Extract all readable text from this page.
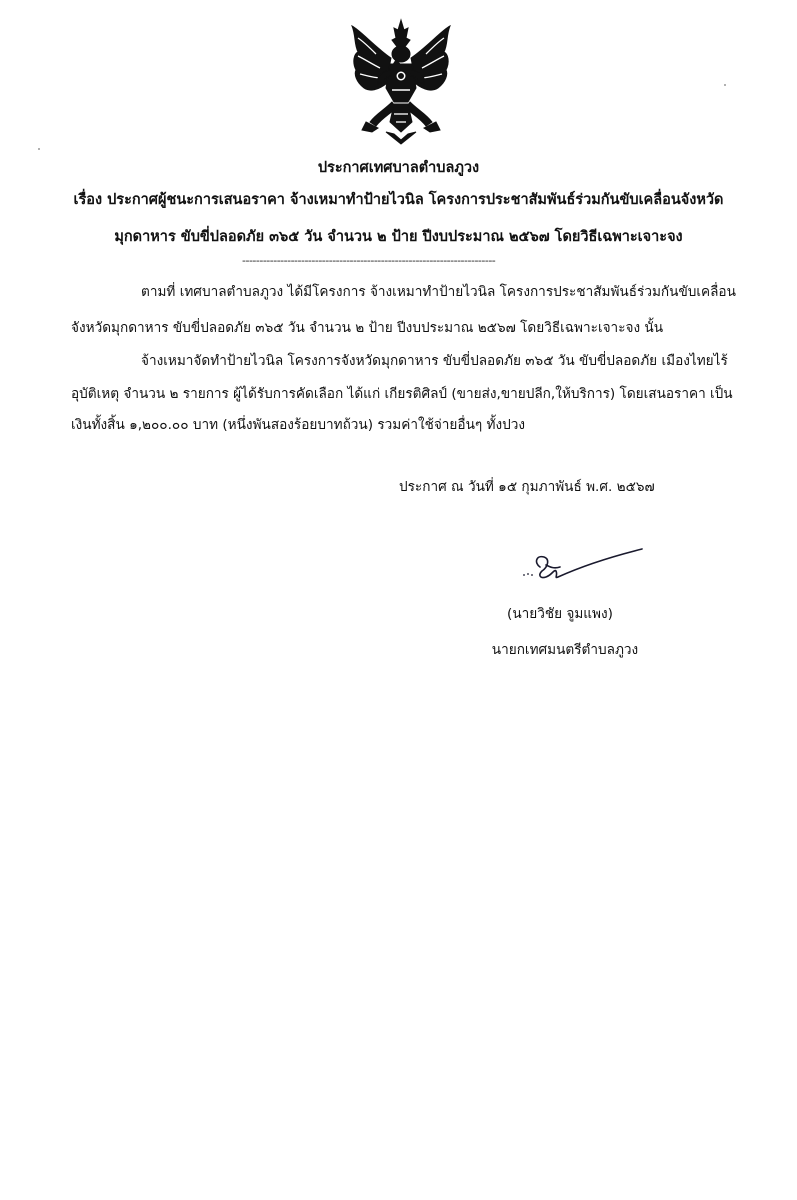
ประกาศเทศบาลตำบลภูวง
เรื่อง ประกาศผู้ชนะการเสนอราคา จ้างเหมาทำป้ายไวนิล โครงการประชาสัมพันธ์ร่วมกันขับเคลื่อนจังหวัด
มุกดาหาร ขับขี่ปลอดภัย ๓๖๕ วัน จำนวน ๒ ป้าย ปีงบประมาณ ๒๕๖๗ โดยวิธีเฉพาะเจาะจง
-------------------------------------------------------------------------
ตามที่ เทศบาลตำบลภูวง ได้มีโครงการ จ้างเหมาทำป้ายไวนิล โครงการประชาสัมพันธ์ร่วมกันขับเคลื่อน
จังหวัดมุกดาหาร ขับขี่ปลอดภัย ๓๖๕ วัน จำนวน ๒ ป้าย ปีงบประมาณ ๒๕๖๗ โดยวิธีเฉพาะเจาะจง นั้น
จ้างเหมาจัดทำป้ายไวนิล โครงการจังหวัดมุกดาหาร ขับขี่ปลอดภัย ๓๖๕ วัน ขับขี่ปลอดภัย เมืองไทยไร้
อุบัติเหตุ จำนวน ๒ รายการ ผู้ได้รับการคัดเลือก ได้แก่ เกียรติศิลป์ (ขายส่ง,ขายปลีก,ให้บริการ) โดยเสนอราคา เป็น
เงินทั้งสิ้น ๑,๒๐๐.๐๐ บาท (หนึ่งพันสองร้อยบาทถ้วน) รวมค่าใช้จ่ายอื่นๆ ทั้งปวง
ประกาศ ณ วันที่ ๑๕ กุมภาพันธ์ พ.ศ. ๒๕๖๗
(นายวิชัย จูมแพง)
นายกเทศมนตรีตำบลภูวง
